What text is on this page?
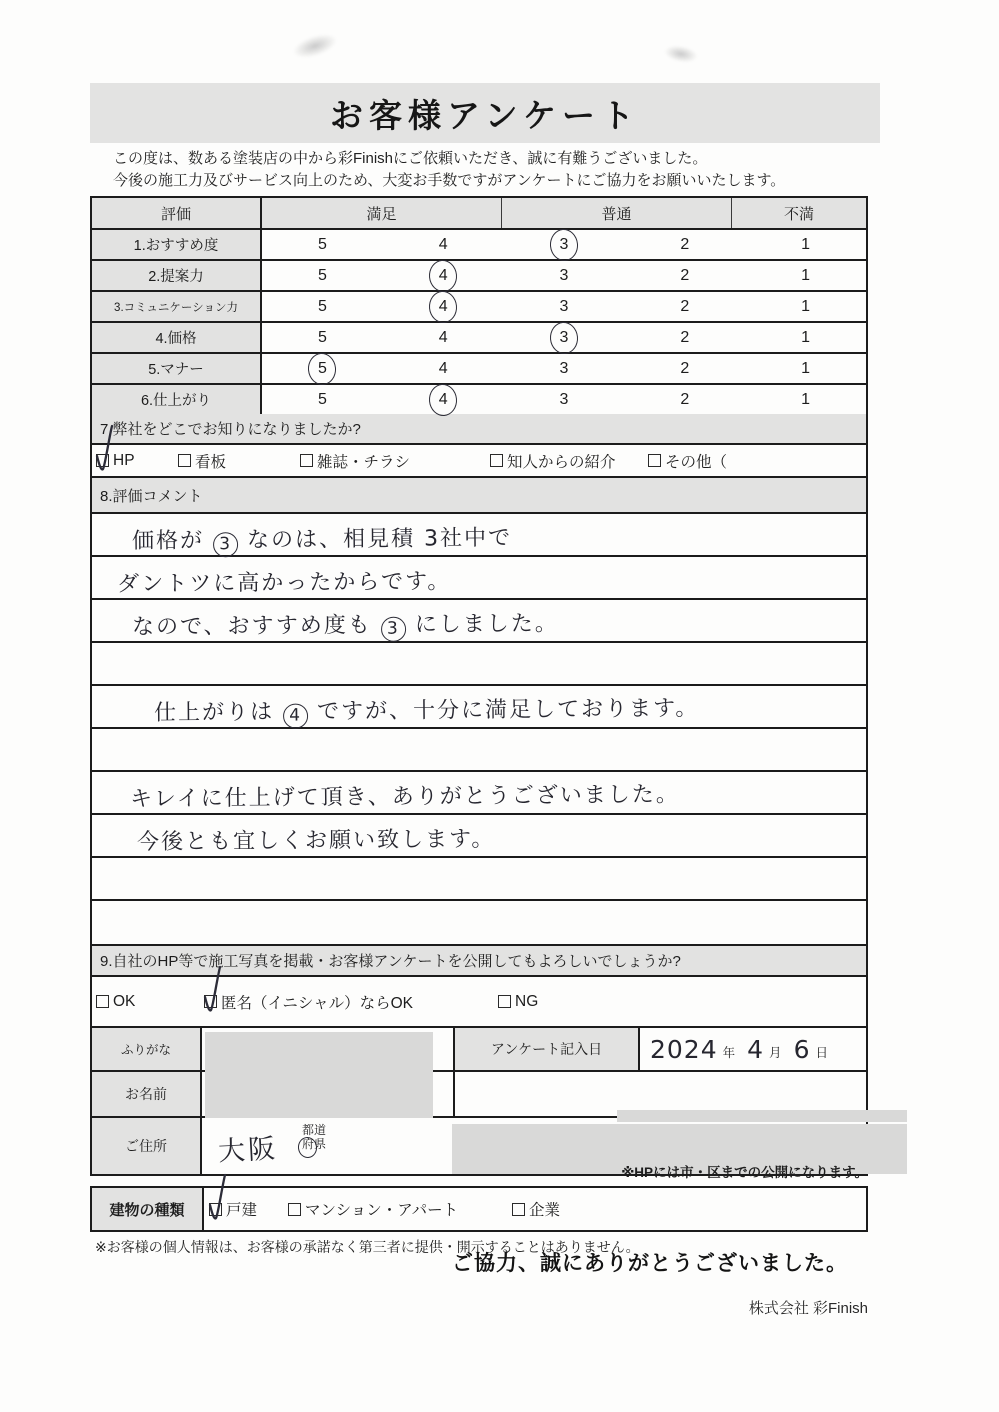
お客様アンケート
この度は、数ある塗装店の中から彩Finishにご依頼いただき、誠に有難うございました。
今後の施工力及びサービス向上のため、大変お手数ですがアンケートにご協力をお願いいたします。
評価	満足	普通	不満
1.おすすめ度	5	4	3	2	1
2.提案力	5	4	3	2	1
3.コミュニケーション力	5	4	3	2	1
4.価格	5	4	3	2	1
5.マナー	5	4	3	2	1
6.仕上がり	5	4	3	2	1
7.弊社をどこでお知りになりましたか?
HP	看板	雑誌・チラシ	知人からの紹介	その他（
8.評価コメント
価格が 3 なのは、相見積 3社中で
ダントツに高かったからです。
なので、おすすめ度も 3 にしました。
仕上がりは 4 ですが、十分に満足しております。
キレイに仕上げて頂き、ありがとうございました。
今後とも宜しくお願い致します。
9.自社のHP等で施工写真を掲載・お客様アンケートを公開してもよろしいでしょうか?
OK	匿名（イニシャル）ならOK	NG
ふりがな	アンケート記入日	2024 年 4 月 6 日
お名前
ご住所	大阪
都道
府県
※HPには市・区までの公開になります。
建物の種類	戸建	マンション・アパート	企業
※お客様の個人情報は、お客様の承諾なく第三者に提供・開示することはありません。
ご協力、誠にありがとうございました。
株式会社 彩Finish
